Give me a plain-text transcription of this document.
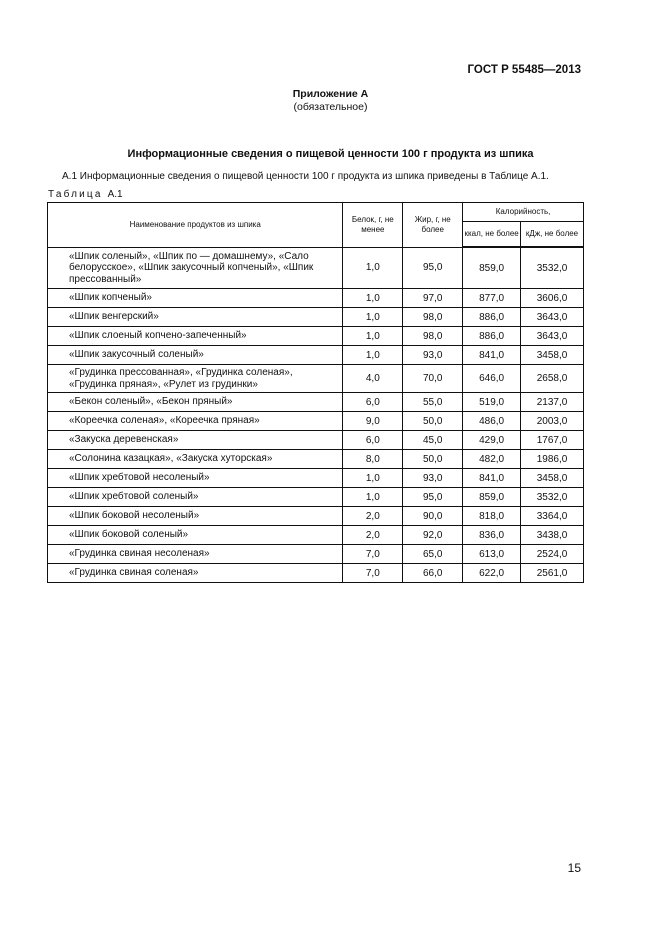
ГОСТ Р 55485—2013
Приложение А
(обязательное)
Информационные сведения о пищевой ценности 100 г продукта из шпика
А.1 Информационные сведения о пищевой ценности 100 г продукта из шпика приведены в Таблице А.1.
Таблица А.1
Наименование продуктов из шпика	Белок, г, не менее	Жир, г, не более	Калорийность,	
			ккал, не более	кДж, не более
«Шпик соленый», «Шпик по — домашнему», «Сало белорусское», «Шпик закусочный копченый», «Шпик прессованный»	1,0	95,0	859,0	3532,0
«Шпик копченый»	1,0	97,0	877,0	3606,0
«Шпик венгерский»	1,0	98,0	886,0	3643,0
«Шпик слоеный копчено-запеченный»	1,0	98,0	886,0	3643,0
«Шпик закусочный соленый»	1,0	93,0	841,0	3458,0
«Грудинка прессованная», «Грудинка соленая», «Грудинка пряная», «Рулет из грудинки»	4,0	70,0	646,0	2658,0
«Бекон соленый», «Бекон пряный»	6,0	55,0	519,0	2137,0
«Кореечка соленая», «Кореечка пряная»	9,0	50,0	486,0	2003,0
«Закуска деревенская»	6,0	45,0	429,0	1767,0
«Солонина казацкая», «Закуска хуторская»	8,0	50,0	482,0	1986,0
«Шпик хребтовой несоленый»	1,0	93,0	841,0	3458,0
«Шпик хребтовой соленый»	1,0	95,0	859,0	3532,0
«Шпик боковой несоленый»	2,0	90,0	818,0	3364,0
«Шпик боковой соленый»	2,0	92,0	836,0	3438,0
«Грудинка свиная несоленая»	7,0	65,0	613,0	2524,0
«Грудинка свиная соленая»	7,0	66,0	622,0	2561,0
15
